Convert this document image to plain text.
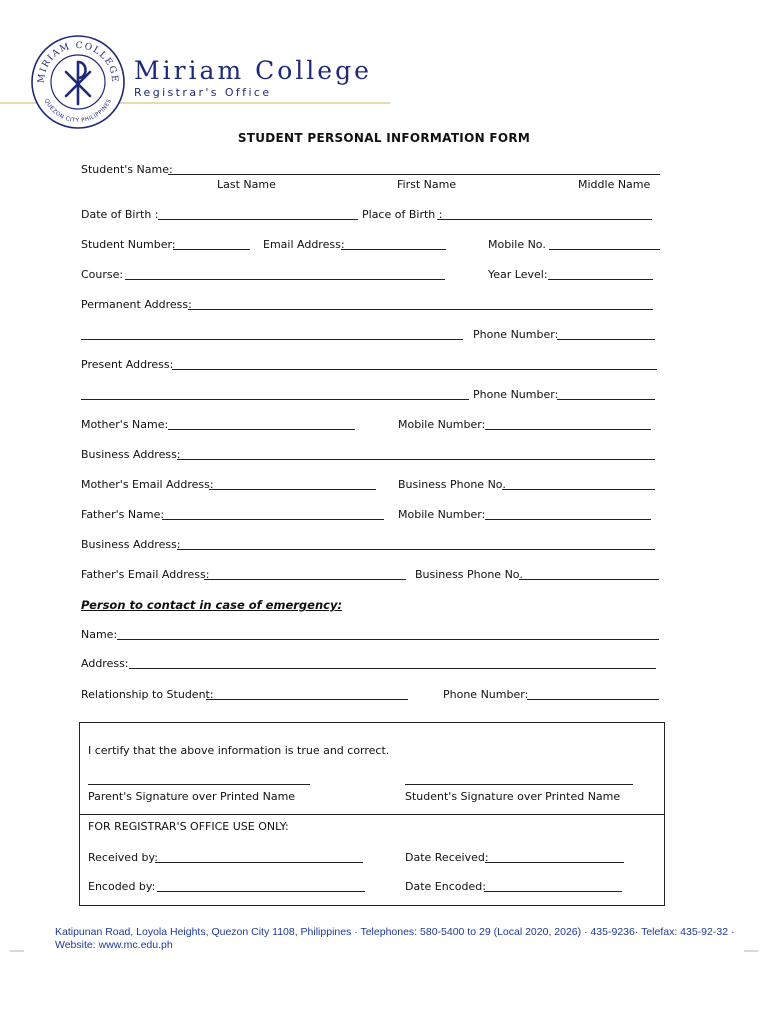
MIRIAM COLLEGE
QUEZON CITY PHILIPPINES
Miriam College
Registrar's Office
STUDENT PERSONAL INFORMATION FORM
Student's Name:
Last Name	First Name	Middle Name
Date of Birth :	Place of Birth :
Student Number:	Email Address:	Mobile No.
Course:	Year Level:
Permanent Address:
Phone Number:
Present Address:
Phone Number:
Mother's Name:	Mobile Number:
Business Address:
Mother's Email Address:	Business Phone No.
Father's Name:	Mobile Number:
Business Address:
Father's Email Address:	Business Phone No.
Person to contact in case of emergency:
Name:
Address:
Relationship to Student:	Phone Number:
I certify that the above information is true and correct.
Parent's Signature over Printed Name	Student's Signature over Printed Name
FOR REGISTRAR'S OFFICE USE ONLY:
Received by:	Date Received:
Encoded by:	Date Encoded:
Katipunan Road, Loyola Heights, Quezon City 1108, Philippines · Telephones: 580-5400 to 29 (Local 2020, 2026) · 435-9236· Telefax: 435-92-32 ·
Website: www.mc.edu.ph
